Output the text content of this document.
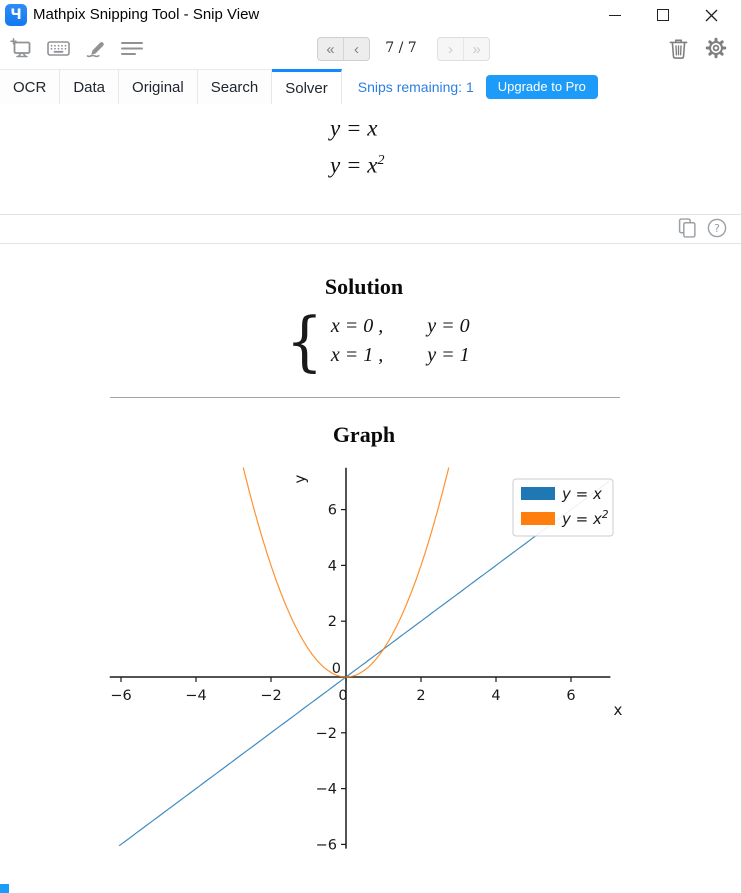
Ч Mathpix Snipping Tool - Snip View
«	‹	7 / 7	›	»
OCR	Data	Original	Search	Solver	Snips remaining: 1	Upgrade to Pro
y = x
$y = x^2$
?
Solution
{ x = 0 , y = 0
x = 1 , y = 1
Graph
−6	−4	−2	0	2	4	6
−6
−4
−2
0
2
4
6
x
y
y = x
$y = x^2$
